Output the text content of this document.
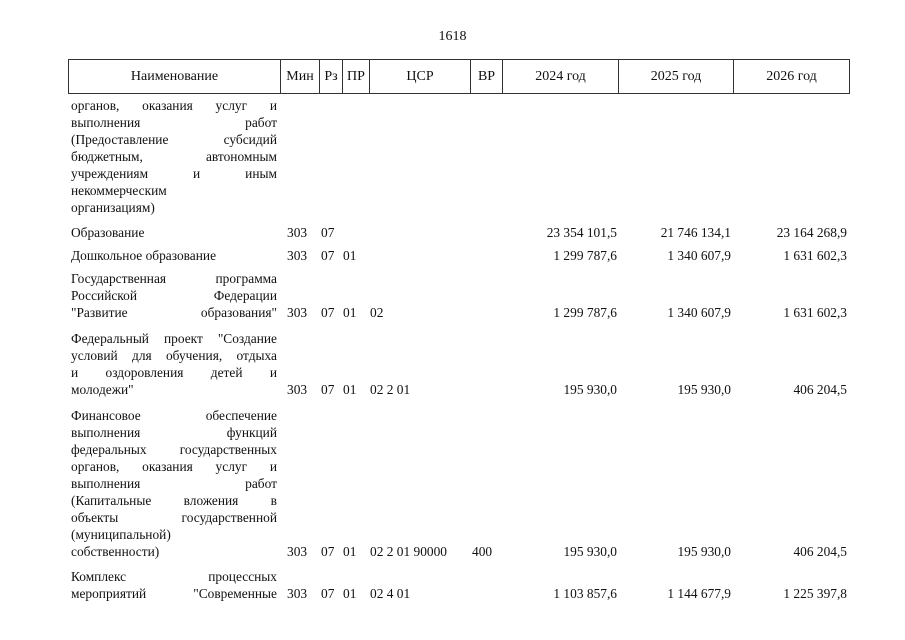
1618
Наименование	Мин Рз ПР	ЦСР	ВР	2024 год	2025 год	2026 год
органов, оказания услуг и
выполнения работ
(Предоставление субсидий
бюджетным, автономным
учреждениям и иным
некоммерческим
организациям)
Образование	303	07	23 354 101,5	21 746 134,1	23 164 268,9
Дошкольное образование	303	07 01	1 299 787,6	1 340 607,9	1 631 602,3
Государственная программа
Российской Федерации
"Развитие образования" 303	07 01	02	1 299 787,6	1 340 607,9	1 631 602,3
Федеральный проект "Создание
условий для обучения, отдыха
и оздоровления детей и
молодежи"	303	07 01	02 2 01	195 930,0	195 930,0	406 204,5
Финансовое обеспечение
выполнения функций
федеральных государственных
органов, оказания услуг и
выполнения работ
(Капитальные вложения в
объекты государственной
(муниципальной)
собственности)	303	07 01	02 2 01 90000	400	195 930,0	195 930,0	406 204,5
Комплекс процессных
мероприятий "Современные 303	07 01	02 4 01	1 103 857,6	1 144 677,9	1 225 397,8
